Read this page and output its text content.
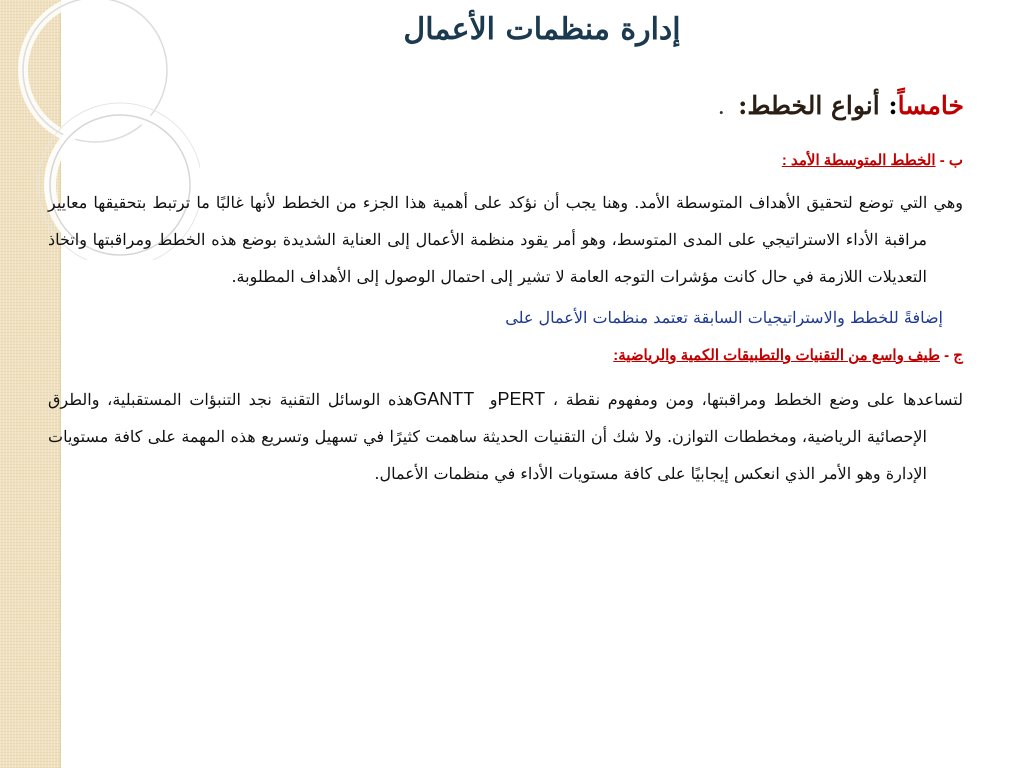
إدارة منظمات الأعمال
خامساً: أنواع الخطط:.
ب - الخطط المتوسطة الأمد :

وهي التي توضع لتحقيق الأهداف المتوسطة الأمد. وهنا يجب أن نؤكد على أهمية هذا الجزء من الخطط لأنها غالبًا ما ترتبط بتحقيقها معايير مراقبة الأداء الاستراتيجي على المدى المتوسط، وهو أمر يقود منظمة الأعمال إلى العناية الشديدة بوضع هذه الخطط ومراقبتها واتخاذ التعديلات اللازمة في حال كانت مؤشرات التوجه العامة لا تشير إلى احتمال الوصول إلى الأهداف المطلوبة.

إضافةً للخطط والاستراتيجيات السابقة تعتمد منظمات الأعمال على
ج - طيف واسع من التقنيات والتطبيقات الكمية والرياضية:

لتساعدها على وضع الخطط ومراقبتها، ومن ومفهوم نقطة ، PERTو  GANTTهذه الوسائل التقنية نجد التنبؤات المستقبلية، والطرق الإحصائية الرياضية، ومخططات التوازن. ولا شك أن التقنيات الحديثة ساهمت كثيرًا في تسهيل وتسريع هذه المهمة على كافة مستويات الإدارة وهو الأمر الذي انعكس إيجابيًا على كافة مستويات الأداء في منظمات الأعمال.
